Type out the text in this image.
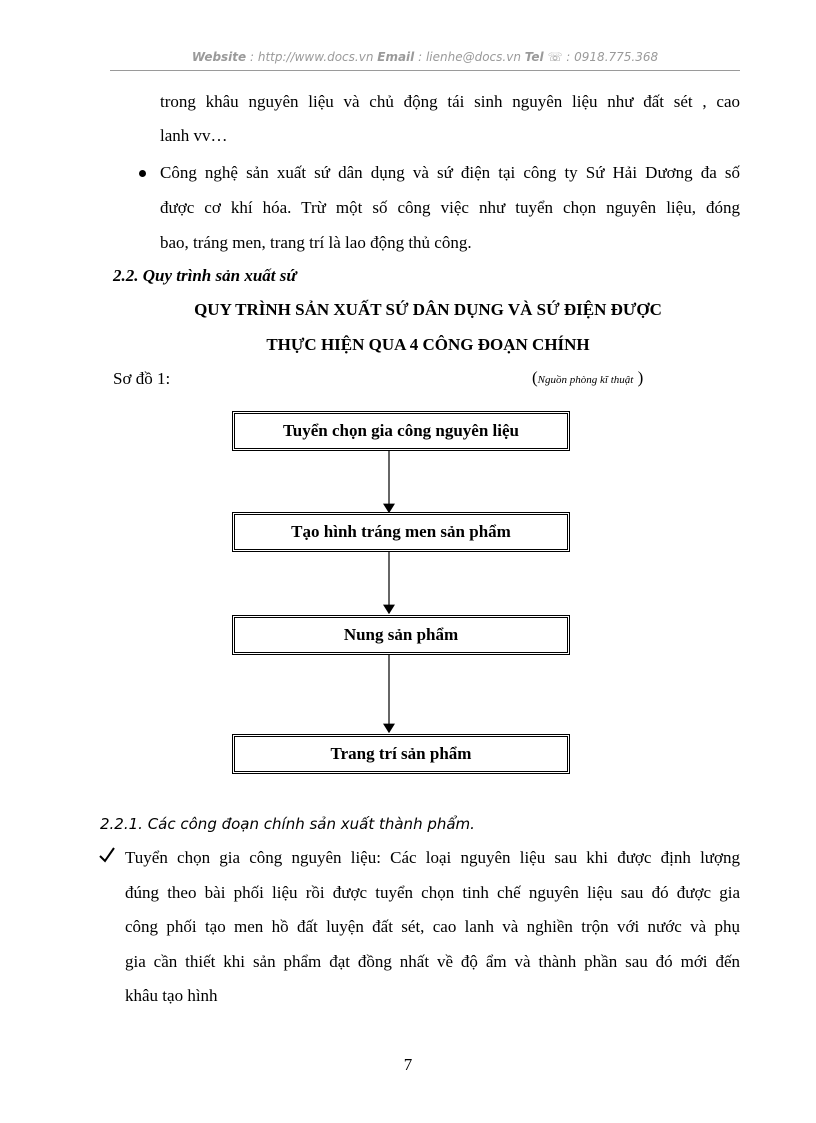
Website : http://www.docs.vn Email : lienhe@docs.vn Tel ☏ : 0918.775.368
trong khâu nguyên liệu và chủ động tái sinh nguyên liệu như đất sét , cao
lanh vv…
Công nghệ sản xuất sứ dân dụng và sứ điện tại công ty Sứ Hải Dương đa số
được cơ khí hóa. Trừ một số công việc như tuyển chọn nguyên liệu, đóng
bao, tráng men, trang trí là lao động thủ công.
2.2. Quy trình sản xuất sứ
QUY TRÌNH SẢN XUẤT SỨ DÂN DỤNG VÀ SỨ ĐIỆN ĐƯỢC
THỰC HIỆN QUA 4 CÔNG ĐOẠN CHÍNH
Sơ đồ 1:	(Nguồn phòng kĩ thuật )
Tuyển chọn gia công nguyên liệu
Tạo hình tráng men sản phẩm
Nung sản phẩm
Trang trí sản phẩm
2.2.1. Các công đoạn chính sản xuất thành phẩm.
Tuyển chọn gia công nguyên liệu: Các loại nguyên liệu sau khi được định lượng
đúng theo bài phối liệu rồi được tuyển chọn tinh chế nguyên liệu sau đó được gia
công phối tạo men hồ đất luyện đất sét, cao lanh và nghiền trộn với nước và phụ
gia cần thiết khi sản phẩm đạt đồng nhất về độ ẩm và thành phần sau đó mới đến
khâu tạo hình
7
